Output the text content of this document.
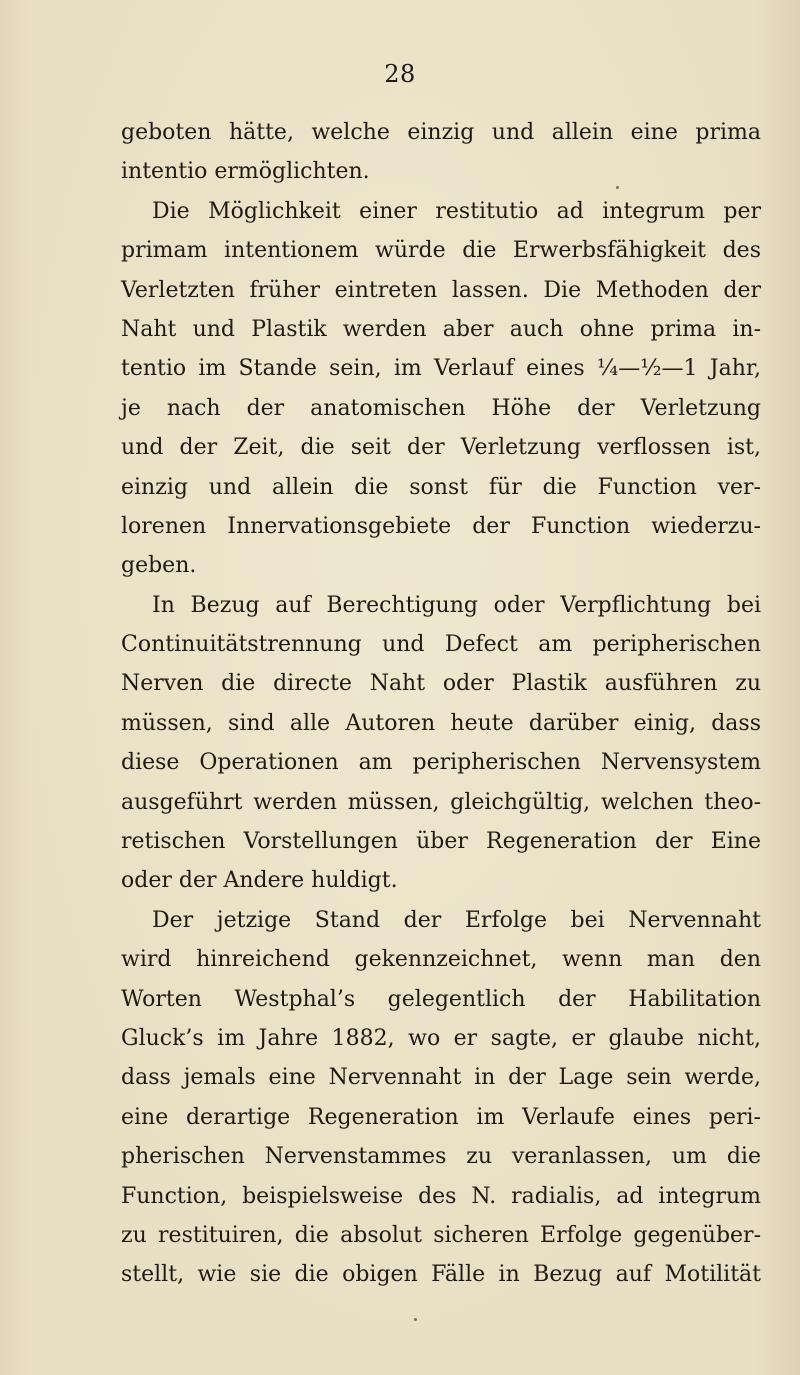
28
geboten hätte, welche einzig und allein eine prima
intentio ermöglichten.
Die Möglichkeit einer restitutio ad integrum per
primam intentionem würde die Erwerbsfähigkeit des
Verletzten früher eintreten lassen. Die Methoden der
Naht und Plastik werden aber auch ohne prima in-
tentio im Stande sein, im Verlauf eines ¼—½—1 Jahr,
je nach der anatomischen Höhe der Verletzung
und der Zeit, die seit der Verletzung verflossen ist,
einzig und allein die sonst für die Function ver-
lorenen Innervationsgebiete der Function wiederzu-
geben.
In Bezug auf Berechtigung oder Verpflichtung bei
Continuitätstrennung und Defect am peripherischen
Nerven die directe Naht oder Plastik ausführen zu
müssen, sind alle Autoren heute darüber einig, dass
diese Operationen am peripherischen Nervensystem
ausgeführt werden müssen, gleichgültig, welchen theo-
retischen Vorstellungen über Regeneration der Eine
oder der Andere huldigt.
Der jetzige Stand der Erfolge bei Nervennaht
wird hinreichend gekennzeichnet, wenn man den
Worten Westphal’s gelegentlich der Habilitation
Gluck’s im Jahre 1882, wo er sagte, er glaube nicht,
dass jemals eine Nervennaht in der Lage sein werde,
eine derartige Regeneration im Verlaufe eines peri-
pherischen Nervenstammes zu veranlassen, um die
Function, beispielsweise des N. radialis, ad integrum
zu restituiren, die absolut sicheren Erfolge gegenüber-
stellt, wie sie die obigen Fälle in Bezug auf Motilität
